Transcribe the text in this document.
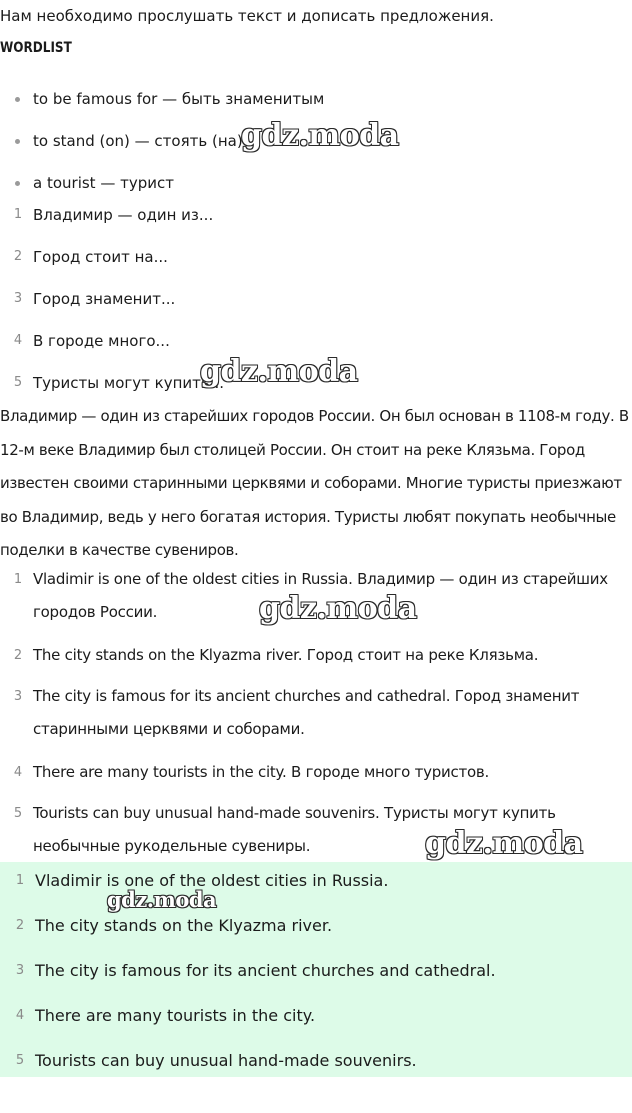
Нам необходимо прослушать текст и дописать предложения.
WORDLIST
to be famous for — быть знаменитым
to stand (on) — стоять (на)
a tourist — турист
1 Владимир — один из...
2 Город стоит на...
3 Город знаменит...
4 В городе много...
5 Туристы могут купить...
Владимир — один из старейших городов России. Он был основан в 1108-м году. В 12-м веке Владимир был столицей России. Он стоит на реке Клязьма. Город известен своими старинными церквями и соборами. Многие туристы приезжают во Владимир, ведь у него богатая история. Туристы любят покупать необычные поделки в качестве сувениров.
1 Vladimir is one of the oldest cities in Russia. Владимир — один из старейших городов России.
2 The city stands on the Klyazma river. Город стоит на реке Клязьма.
3 The city is famous for its ancient churches and cathedral. Город знаменит старинными церквями и соборами.
4 There are many tourists in the city. В городе много туристов.
5 Tourists can buy unusual hand-made souvenirs. Туристы могут купить необычные рукодельные сувениры.
1 Vladimir is one of the oldest cities in Russia.
2 The city stands on the Klyazma river.
3 The city is famous for its ancient churches and cathedral.
4 There are many tourists in the city.
5 Tourists can buy unusual hand-made souvenirs.
gdz.moda
gdz.moda
gdz.moda
gdz.moda
gdz.moda
